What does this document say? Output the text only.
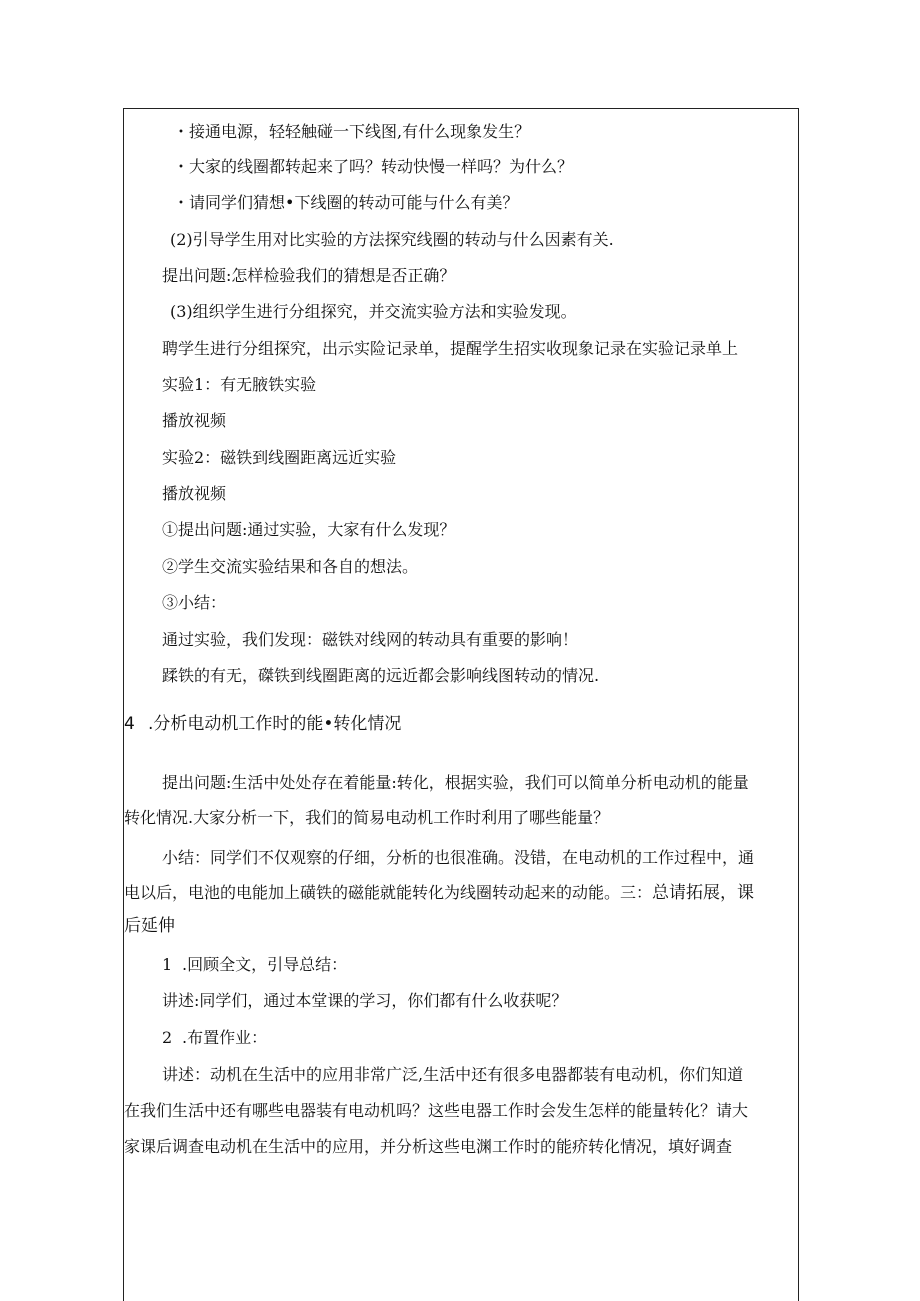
・接通电源，轻轻触碰一下线图,有什么现象发生？
・大家的线圈都转起来了吗？转动快慢一样吗？为什么？
・请同学们猜想•下线圈的转动可能与什么有美？
(2)引导学生用对比实验的方法探究线圈的转动与什么因素有关.
提出问题:怎样检验我们的猜想是否正确？
(3)组织学生进行分组探究，并交流实验方法和实验发现。
聘学生进行分组探究，出示实险记录单，提醒学生招实收现象记录在实验记录单上
实验1：有无腋铁实验
播放视频
实验2：磁铁到线圈距离远近实验
播放视频
①提出问题:通过实验，大家有什么发现？
②学生交流实验结果和各自的想法。
③小结：
通过实验，我们发现：磁铁对线网的转动具有重要的影响！
蹂铁的有无，磔铁到线圈距离的远近都会影响线图转动的情况.
4 .分析电动机工作时的能•转化情况
提出问题:生活中处处存在着能量:转化，根据实验，我们可以简单分析电动机的能量
转化情况.大家分析一下，我们的简易电动机工作时利用了哪些能量？
小结：同学们不仅观察的仔细，分析的也很准确。没错，在电动机的工作过程中，通
电以后，电池的电能加上磺铁的磁能就能转化为线圈转动起来的动能。三：总请拓展，课
后延伸
1 .回顾全文，引导总结：
讲述:同学们，通过本堂课的学习，你们都有什么收获呢？
2 .布置作业：
讲述：动机在生活中的应用非常广泛,生活中还有很多电器都装有电动机，你们知道
在我们生活中还有哪些电器装有电动机吗？这些电器工作时会发生怎样的能量转化？请大
家课后调查电动机在生活中的应用，并分析这些电渊工作时的能疥转化情况，填好调查
